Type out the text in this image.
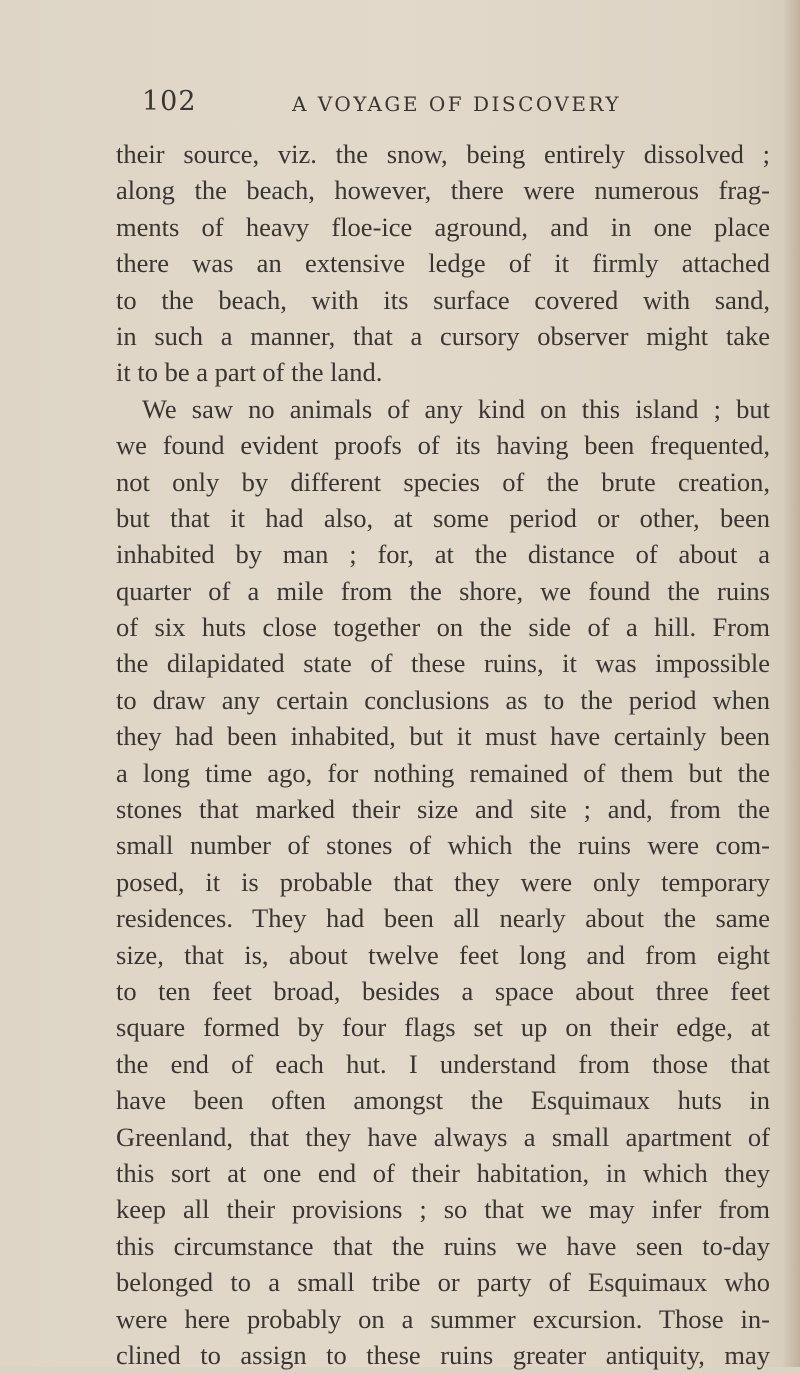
102	A VOYAGE OF DISCOVERY
their source, viz. the snow, being entirely dissolved ;
along the beach, however, there were numerous frag-
ments of heavy floe-ice aground, and in one place
there was an extensive ledge of it firmly attached
to the beach, with its surface covered with sand,
in such a manner, that a cursory observer might take
it to be a part of the land.
We saw no animals of any kind on this island ; but
we found evident proofs of its having been frequented,
not only by different species of the brute creation,
but that it had also, at some period or other, been
inhabited by man ; for, at the distance of about a
quarter of a mile from the shore, we found the ruins
of six huts close together on the side of a hill. From
the dilapidated state of these ruins, it was impossible
to draw any certain conclusions as to the period when
they had been inhabited, but it must have certainly been
a long time ago, for nothing remained of them but the
stones that marked their size and site ; and, from the
small number of stones of which the ruins were com-
posed, it is probable that they were only temporary
residences. They had been all nearly about the same
size, that is, about twelve feet long and from eight
to ten feet broad, besides a space about three feet
square formed by four flags set up on their edge, at
the end of each hut. I understand from those that
have been often amongst the Esquimaux huts in
Greenland, that they have always a small apartment of
this sort at one end of their habitation, in which they
keep all their provisions ; so that we may infer from
this circumstance that the ruins we have seen to-day
belonged to a small tribe or party of Esquimaux who
were here probably on a summer excursion. Those in-
clined to assign to these ruins greater antiquity, may
